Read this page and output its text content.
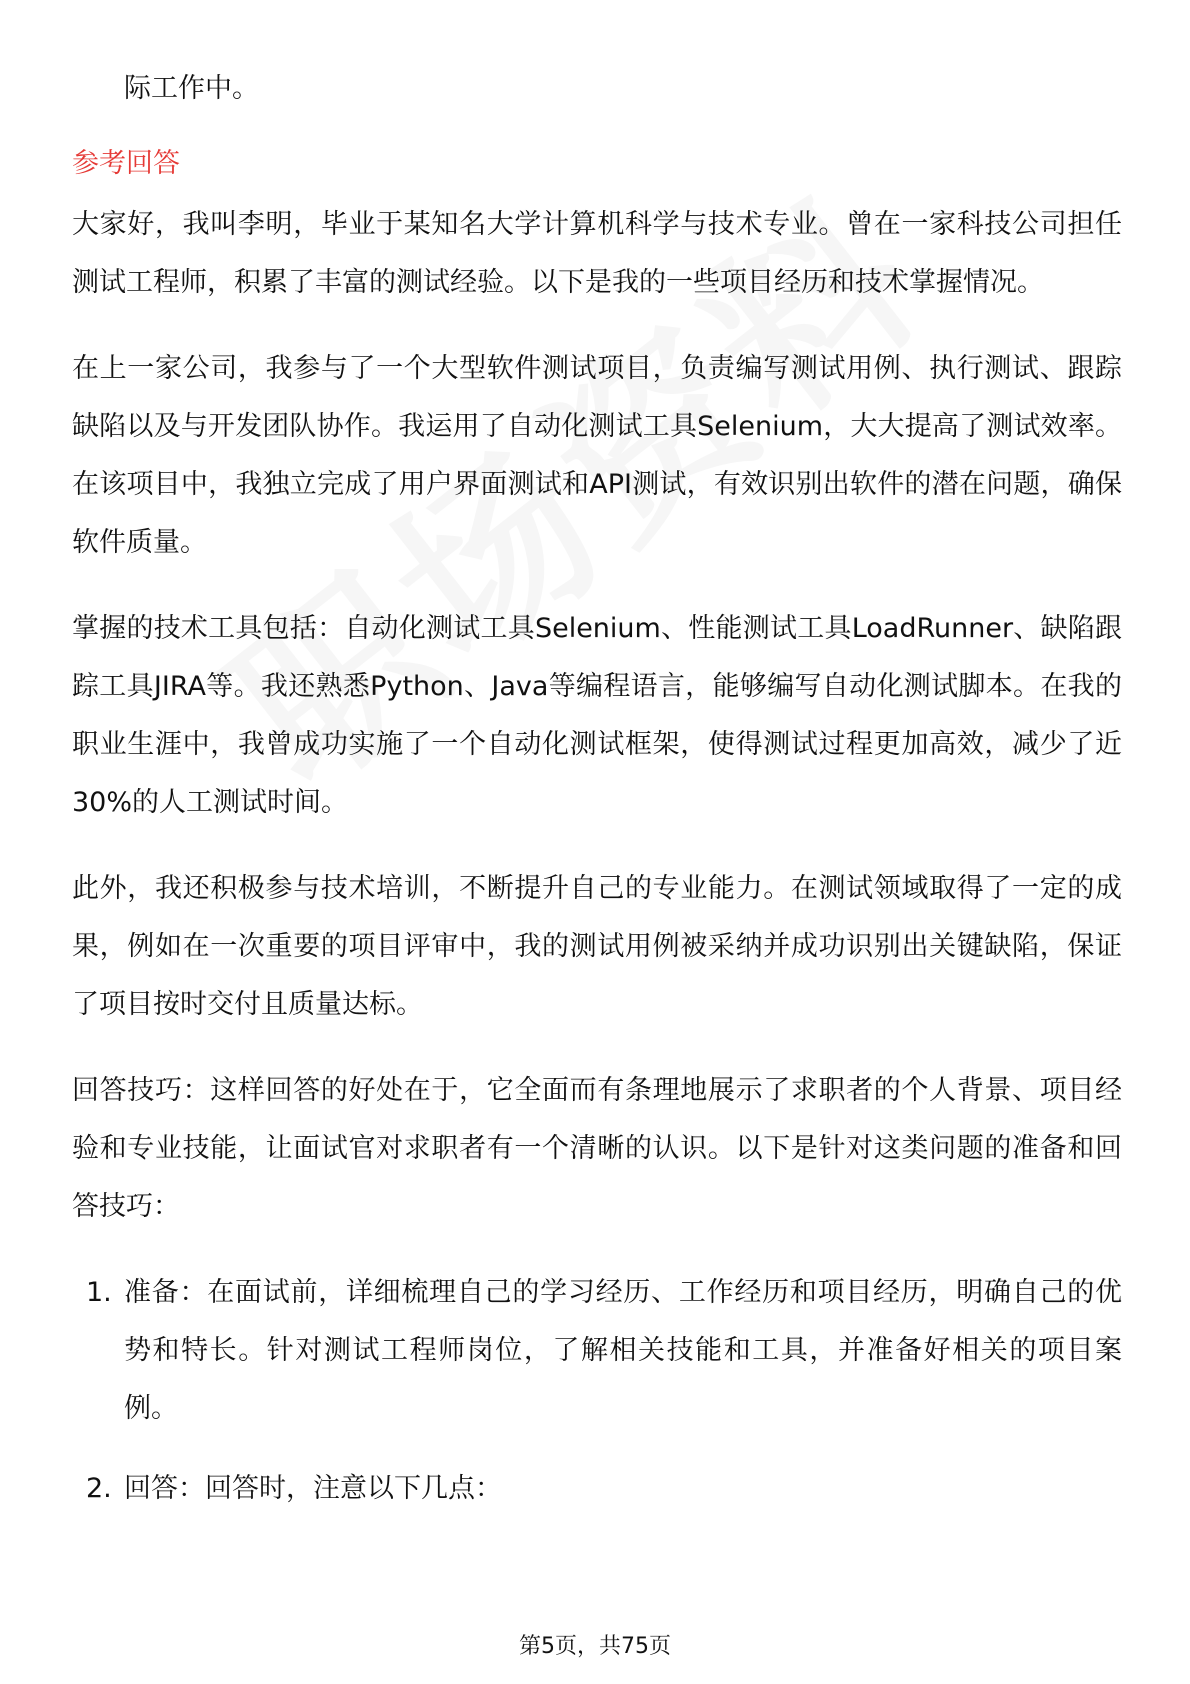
际工作中。
参考回答

大家好，我叫李明，毕业于某知名大学计算机科学与技术专业。曾在一家科技公司担任测试工程师，积累了丰富的测试经验。以下是我的一些项目经历和技术掌握情况。

在上一家公司，我参与了一个大型软件测试项目，负责编写测试用例、执行测试、跟踪缺陷以及与开发团队协作。我运用了自动化测试工具Selenium，大大提高了测试效率。在该项目中，我独立完成了用户界面测试和API测试，有效识别出软件的潜在问题，确保软件质量。

掌握的技术工具包括：自动化测试工具Selenium、性能测试工具LoadRunner、缺陷跟踪工具JIRA等。我还熟悉Python、Java等编程语言，能够编写自动化测试脚本。在我的职业生涯中，我曾成功实施了一个自动化测试框架，使得测试过程更加高效，减少了近30%的人工测试时间。

此外，我还积极参与技术培训，不断提升自己的专业能力。在测试领域取得了一定的成果，例如在一次重要的项目评审中，我的测试用例被采纳并成功识别出关键缺陷，保证了项目按时交付且质量达标。

回答技巧：这样回答的好处在于，它全面而有条理地展示了求职者的个人背景、项目经验和专业技能，让面试官对求职者有一个清晰的认识。以下是针对这类问题的准备和回答技巧：

1. 准备：在面试前，详细梳理自己的学习经历、工作经历和项目经历，明确自己的优势和特长。针对测试工程师岗位，了解相关技能和工具，并准备好相关的项目案例。
2. 回答：回答时，注意以下几点：
第5页，共75页
